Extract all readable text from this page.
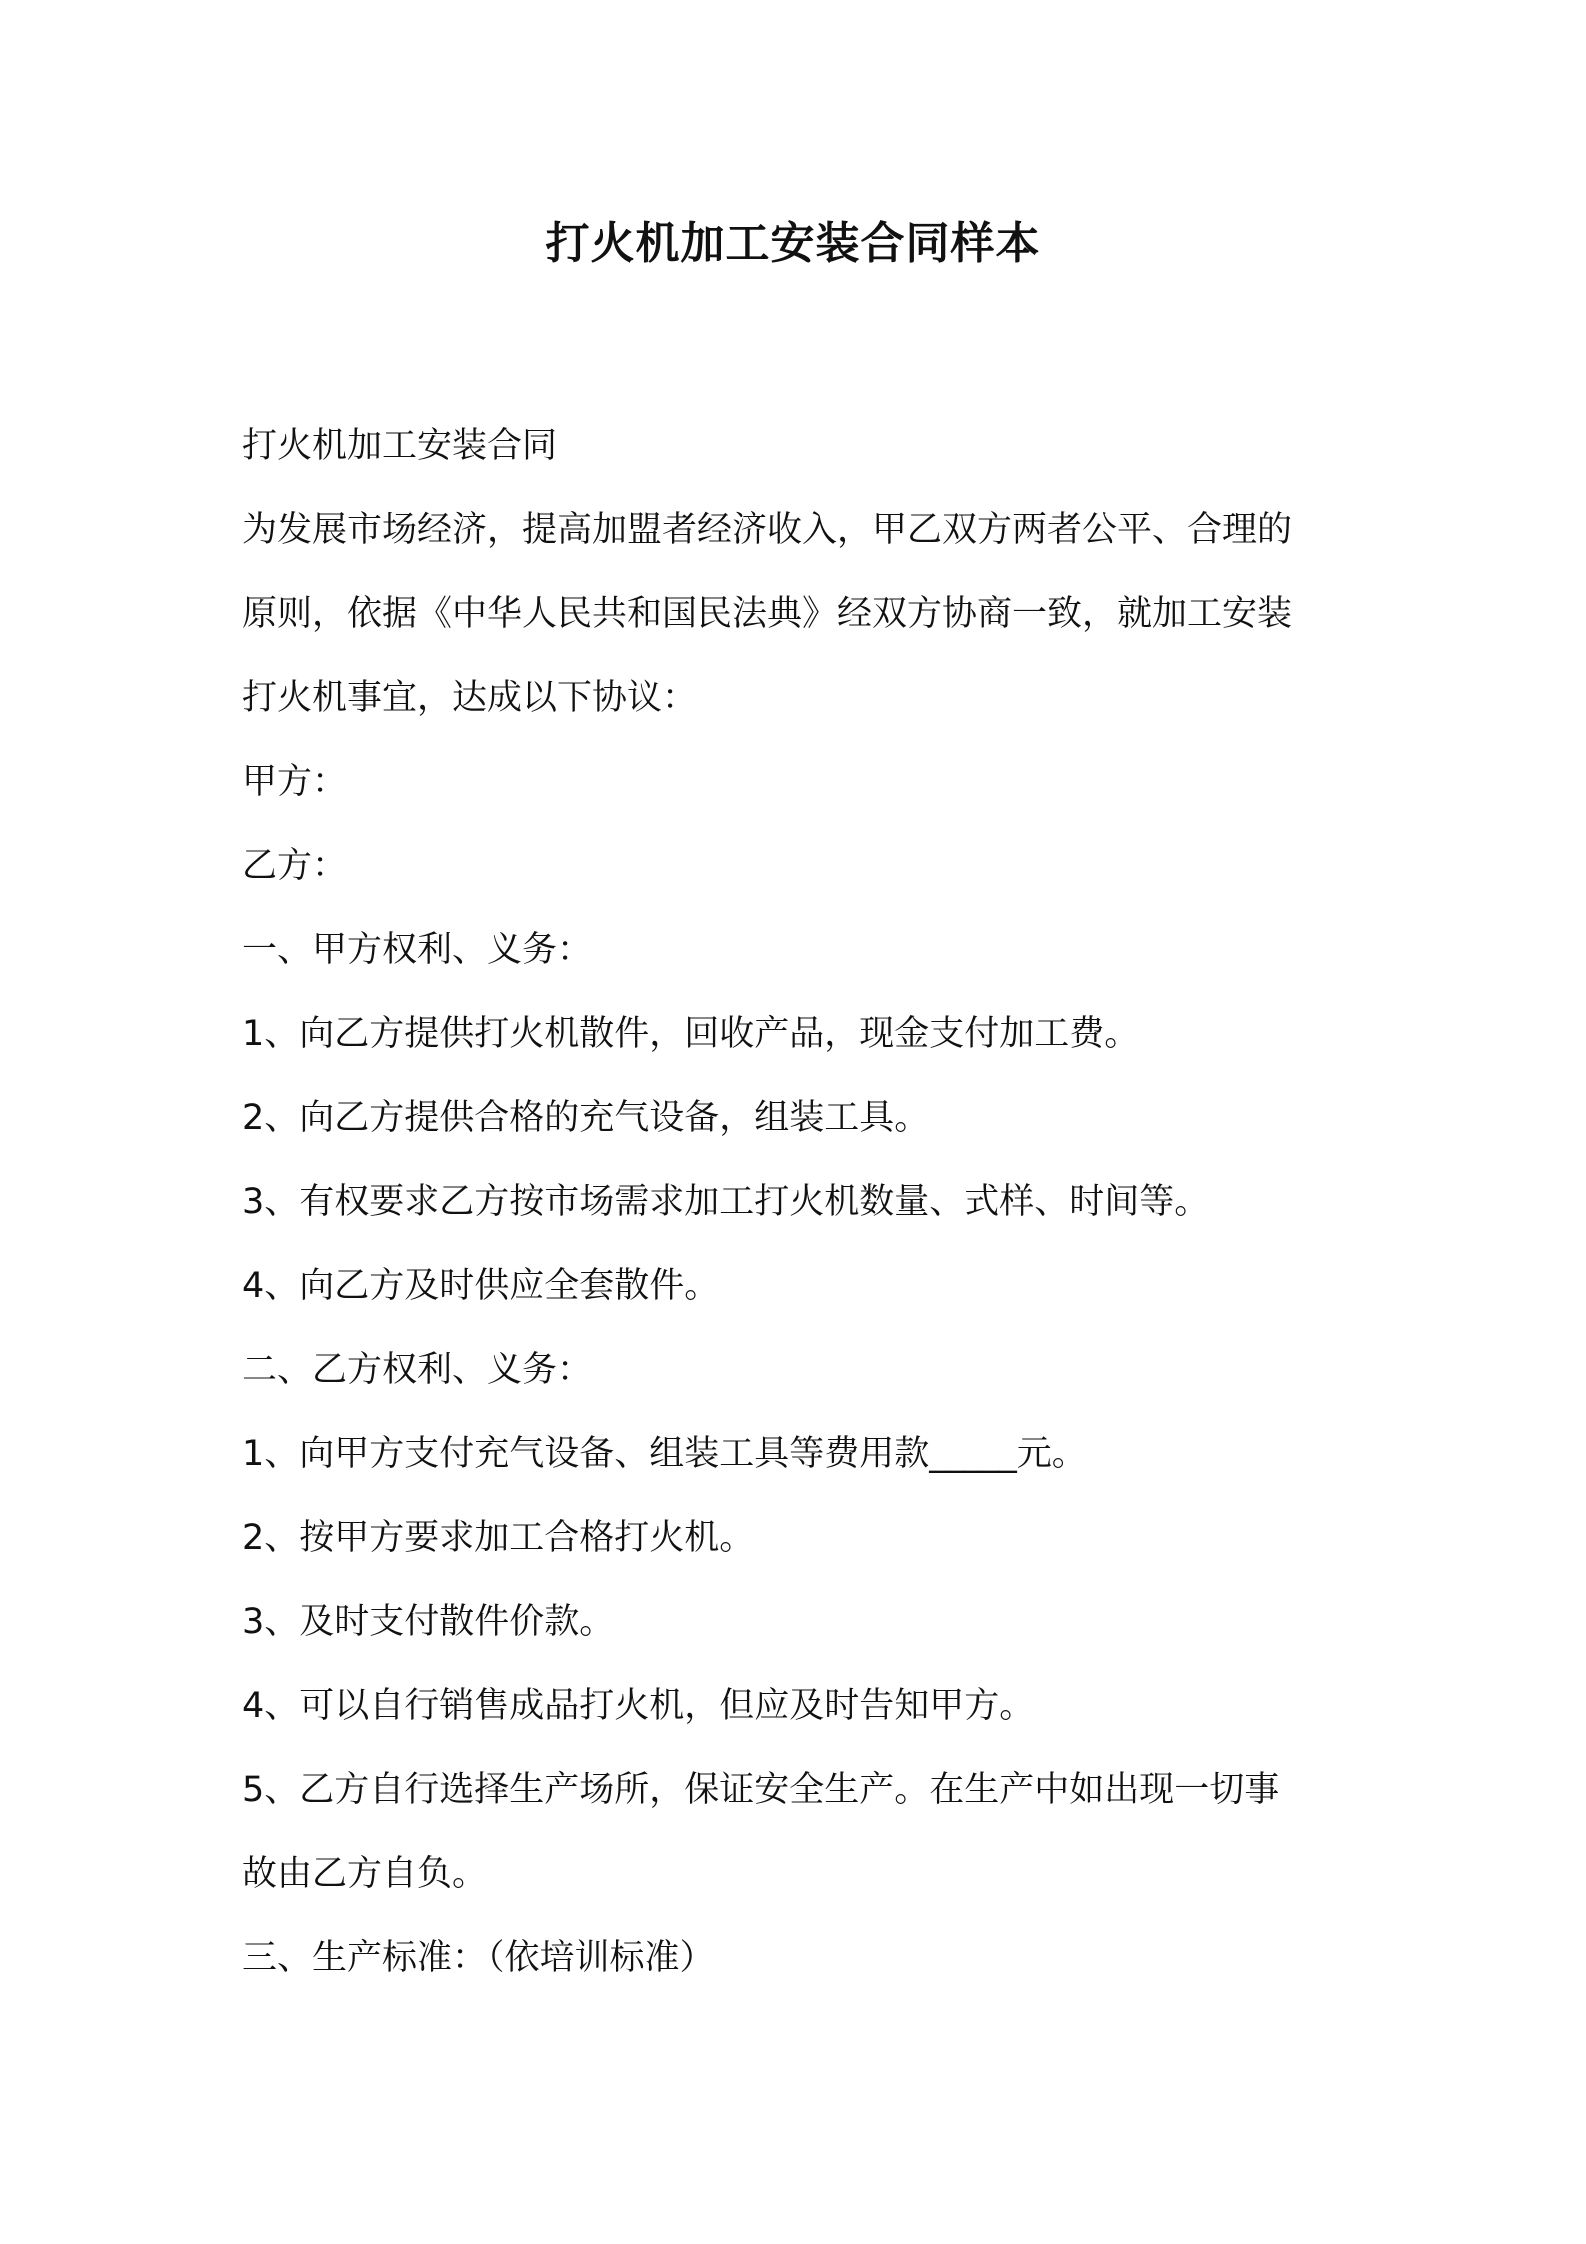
打火机加工安装合同样本
打火机加工安装合同
为发展市场经济，提高加盟者经济收入，甲乙双方两者公平、合理的
原则，依据《中华人民共和国民法典》经双方协商一致，就加工安装
打火机事宜，达成以下协议：
甲方：
乙方：
一、甲方权利、义务：
1、向乙方提供打火机散件，回收产品，现金支付加工费。
2、向乙方提供合格的充气设备，组装工具。
3、有权要求乙方按市场需求加工打火机数量、式样、时间等。
4、向乙方及时供应全套散件。
二、乙方权利、义务：
1、向甲方支付充气设备、组装工具等费用款_____元。
2、按甲方要求加工合格打火机。
3、及时支付散件价款。
4、可以自行销售成品打火机，但应及时告知甲方。
5、乙方自行选择生产场所，保证安全生产。在生产中如出现一切事
故由乙方自负。
三、生产标准：（依培训标准）
